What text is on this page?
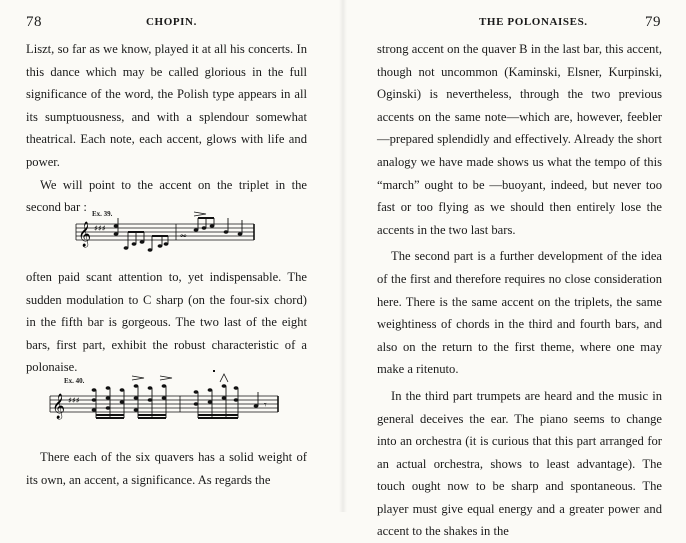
78	CHOPIN.

Liszt, so far as we know, played it at all his concerts. In this dance which may be called glorious in the full significance of the word, the Polish type appears in all its sumptuousness, and with a splendour somewhat theatrical. Each note, each accent, glows with life and power.

We will point to the accent on the triplet in the second bar : Ex. 39.
𝄞 ♯♯♯	𝆗

often paid scant attention to, yet indispensable. The sudden modulation to C sharp (on the four-six chord) in the fifth bar is gorgeous. The two last of the eight bars, first part, exhibit the robust characteristic of a polonaise.

Ex. 40.
𝄞 ♯♯♯	𝄾

There each of the six quavers has a solid weight of its own, an accent, a significance. As regards the

THE POLONAISES.	79

strong accent on the quaver B in the last bar, this accent, though not uncommon (Kaminski, Elsner, Kurpinski, Oginski) is nevertheless, through the two previous accents on the same note—which are, however, feebler—prepared splendidly and effectively. Already the short analogy we have made shows us what the tempo of this “march” ought to be —buoyant, indeed, but never too fast or too flying as we should then entirely lose the accents in the two last bars.

The second part is a further development of the idea of the first and therefore requires no close consideration here. There is the same accent on the triplets, the same weightiness of chords in the third and fourth bars, and also on the return to the first theme, where one may make a ritenuto.

In the third part trumpets are heard and the music in general deceives the ear. The piano seems to change into an orchestra (it is curious that this part arranged for an actual orchestra, shows to least advantage). The touch ought now to be sharp and spontaneous. The player must give equal energy and a greater power and accent to the shakes in the
